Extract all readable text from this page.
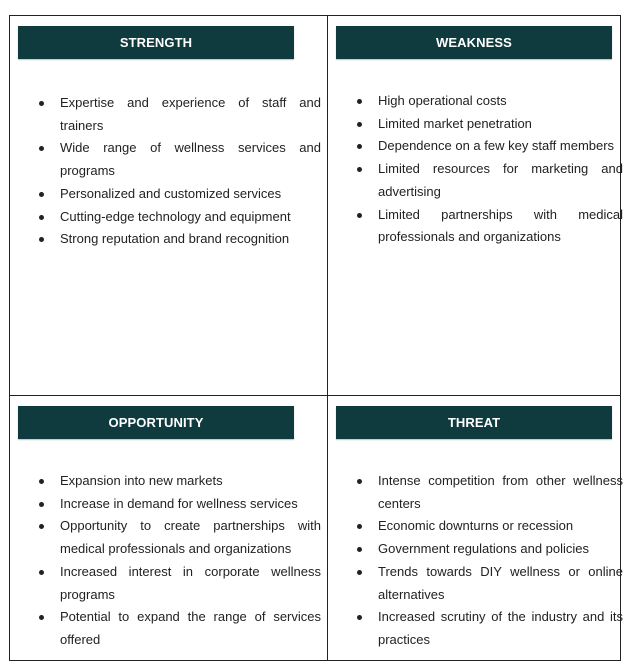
STRENGTH
Expertise and experience of staff and trainers
Wide range of wellness services and programs
Personalized and customized services
Cutting-edge technology and equipment
Strong reputation and brand recognition
WEAKNESS
High operational costs
Limited market penetration
Dependence on a few key staff members
Limited resources for marketing and advertising
Limited partnerships with medical professionals and organizations
OPPORTUNITY
Expansion into new markets
Increase in demand for wellness services
Opportunity to create partnerships with medical professionals and organizations
Increased interest in corporate wellness programs
Potential to expand the range of services offered
THREAT
Intense competition from other wellness centers
Economic downturns or recession
Government regulations and policies
Trends towards DIY wellness or online alternatives
Increased scrutiny of the industry and its practices
